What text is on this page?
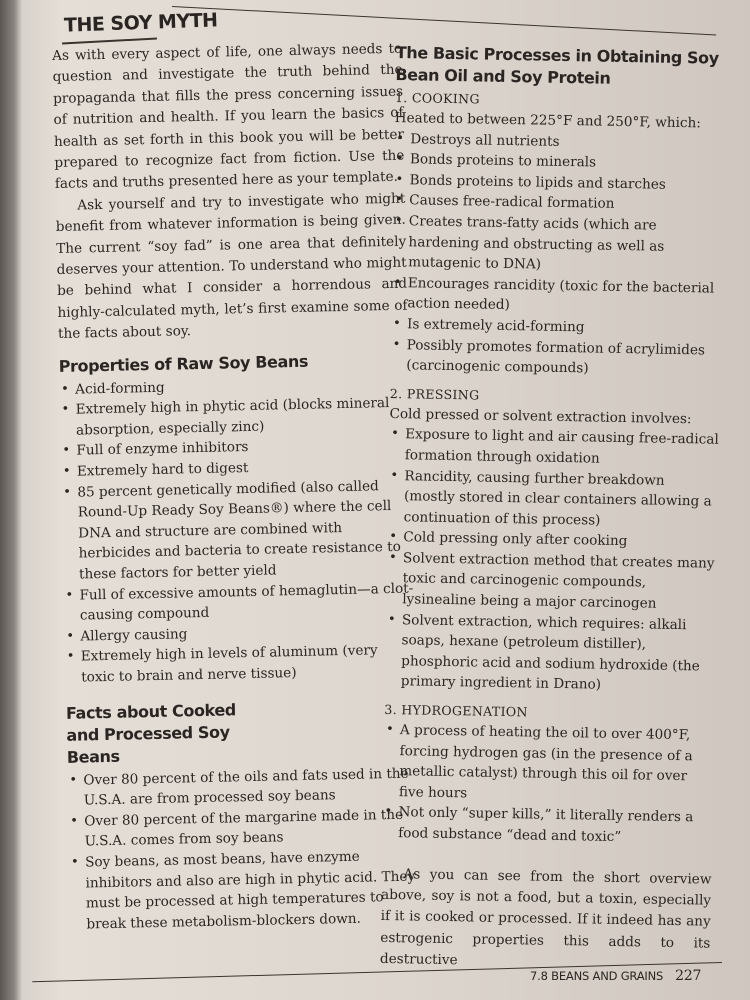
THE SOY MYTH

As with every aspect of life, one always needs to question and investigate the truth behind the propaganda that fills the press concerning issues of nutrition and health. If you learn the basics of health as set forth in this book you will be better prepared to recognize fact from fiction. Use the facts and truths presented here as your template.

Ask yourself and try to investigate who might benefit from whatever information is being given. The current “soy fad” is one area that definitely deserves your attention. To understand who might be behind what I consider a horrendous and highly-calculated myth, let’s first examine some of the facts about soy.

Properties of Raw Soy Beans
• Acid-forming
• Extremely high in phytic acid (blocks mineral absorption, especially zinc)
• Full of enzyme inhibitors
• Extremely hard to digest
• 85 percent genetically modified (also called Round-Up Ready Soy Beans®) where the cell DNA and structure are combined with herbicides and bacteria to create resistance to these factors for better yield
• Full of excessive amounts of hemaglutin—a clot-causing compound
• Allergy causing
• Extremely high in levels of aluminum (very toxic to brain and nerve tissue)
Facts about Cooked and Processed Soy Beans
• Over 80 percent of the oils and fats used in the U.S.A. are from processed soy beans
• Over 80 percent of the margarine made in the U.S.A. comes from soy beans
• Soy beans, as most beans, have enzyme inhibitors and also are high in phytic acid. They must be processed at high temperatures to break these metabolism-blockers down.
The Basic Processes in Obtaining Soy Bean Oil and Soy Protein
1. COOKING
Heated to between 225°F and 250°F, which:
• Destroys all nutrients
• Bonds proteins to minerals
• Bonds proteins to lipids and starches
• Causes free-radical formation
• Creates trans-fatty acids (which are hardening and obstructing as well as mutagenic to DNA)
• Encourages rancidity (toxic for the bacterial action needed)
• Is extremely acid-forming
• Possibly promotes formation of acrylimides (carcinogenic compounds)
2. PRESSING
Cold pressed or solvent extraction involves:
• Exposure to light and air causing free-radical formation through oxidation
• Rancidity, causing further breakdown (mostly stored in clear containers allowing a continuation of this process)
• Cold pressing only after cooking
• Solvent extraction method that creates many toxic and carcinogenic compounds, lysinealine being a major carcinogen
• Solvent extraction, which requires: alkali soaps, hexane (petroleum distiller), phosphoric acid and sodium hydroxide (the primary ingredient in Drano)
3. HYDROGENATION
• A process of heating the oil to over 400°F, forcing hydrogen gas (in the presence of a metallic catalyst) through this oil for over five hours
• Not only “super kills,” it literally renders a food substance “dead and toxic”

As you can see from the short overview above, soy is not a food, but a toxin, especially if it is cooked or processed. If it indeed has any estrogenic properties this adds to its destructive

7.8 BEANS AND GRAINS 227
